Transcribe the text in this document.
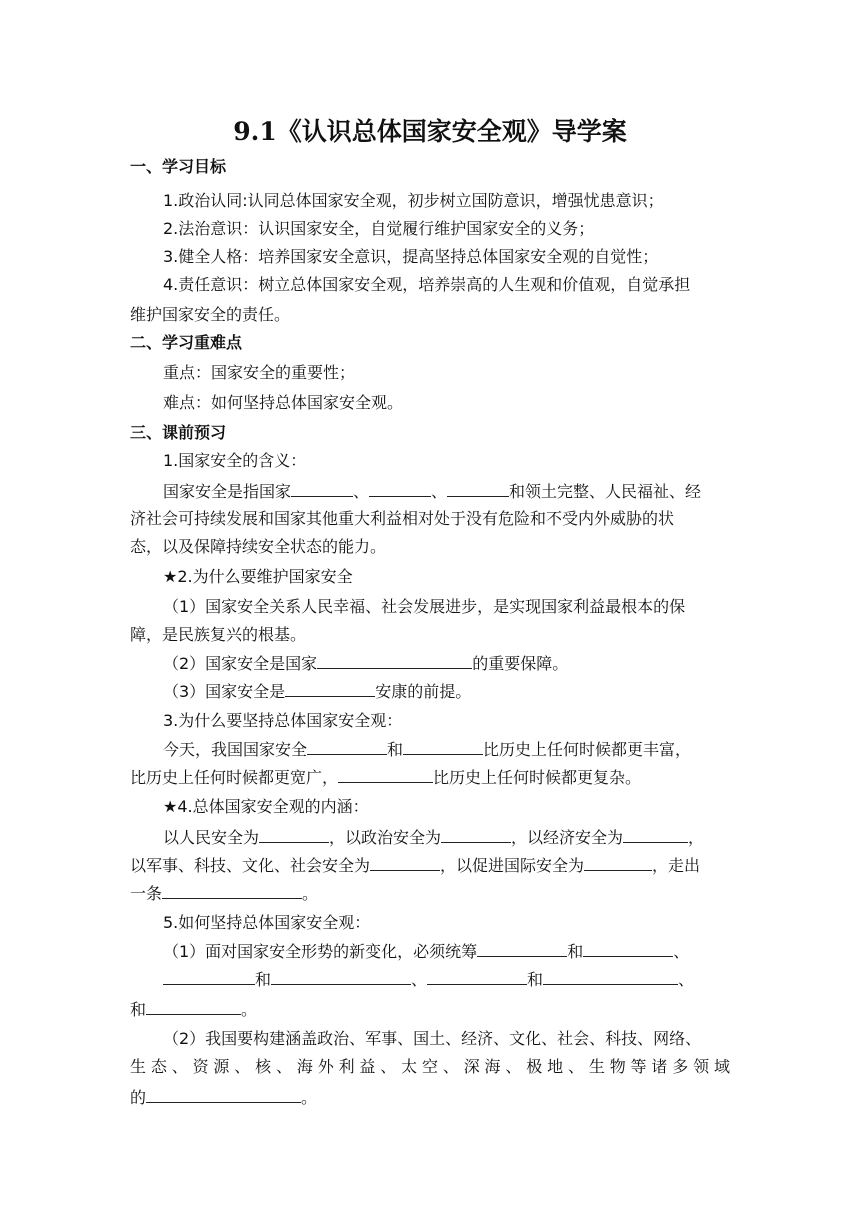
9.1《认识总体国家安全观》导学案
一、学习目标
1.政治认同:认同总体国家安全观，初步树立国防意识，增强忧患意识；
2.法治意识：认识国家安全，自觉履行维护国家安全的义务；
3.健全人格：培养国家安全意识，提高坚持总体国家安全观的自觉性；
4.责任意识：树立总体国家安全观，培养崇高的人生观和价值观，自觉承担
维护国家安全的责任。
二、学习重难点
重点：国家安全的重要性；
难点：如何坚持总体国家安全观。
三、课前预习
1.国家安全的含义：
国家安全是指国家	、	、	和领土完整、人民福祉、经
济社会可持续发展和国家其他重大利益相对处于没有危险和不受内外威胁的状
态，以及保障持续安全状态的能力。
★2.为什么要维护国家安全
（1）国家安全关系人民幸福、社会发展进步，是实现国家利益最根本的保
障，是民族复兴的根基。
（2）国家安全是国家	的重要保障。
（3）国家安全是	安康的前提。
3.为什么要坚持总体国家安全观：
今天，我国国家安全	和	比历史上任何时候都更丰富，
比历史上任何时候都更宽广，	比历史上任何时候都更复杂。
★4.总体国家安全观的内涵：
以人民安全为	，以政治安全为	，以经济安全为	，
以军事、科技、文化、社会安全为	，以促进国际安全为	，走出
一条	。
5.如何坚持总体国家安全观：
（1）面对国家安全形势的新变化，必须统筹	和	、
和	、	和	、
和	。
（2）我国要构建涵盖政治、军事、国土、经济、文化、社会、科技、网络、
生态、资源、核、海外利益、太空、深海、极地、生物等诸多领域
的	。
